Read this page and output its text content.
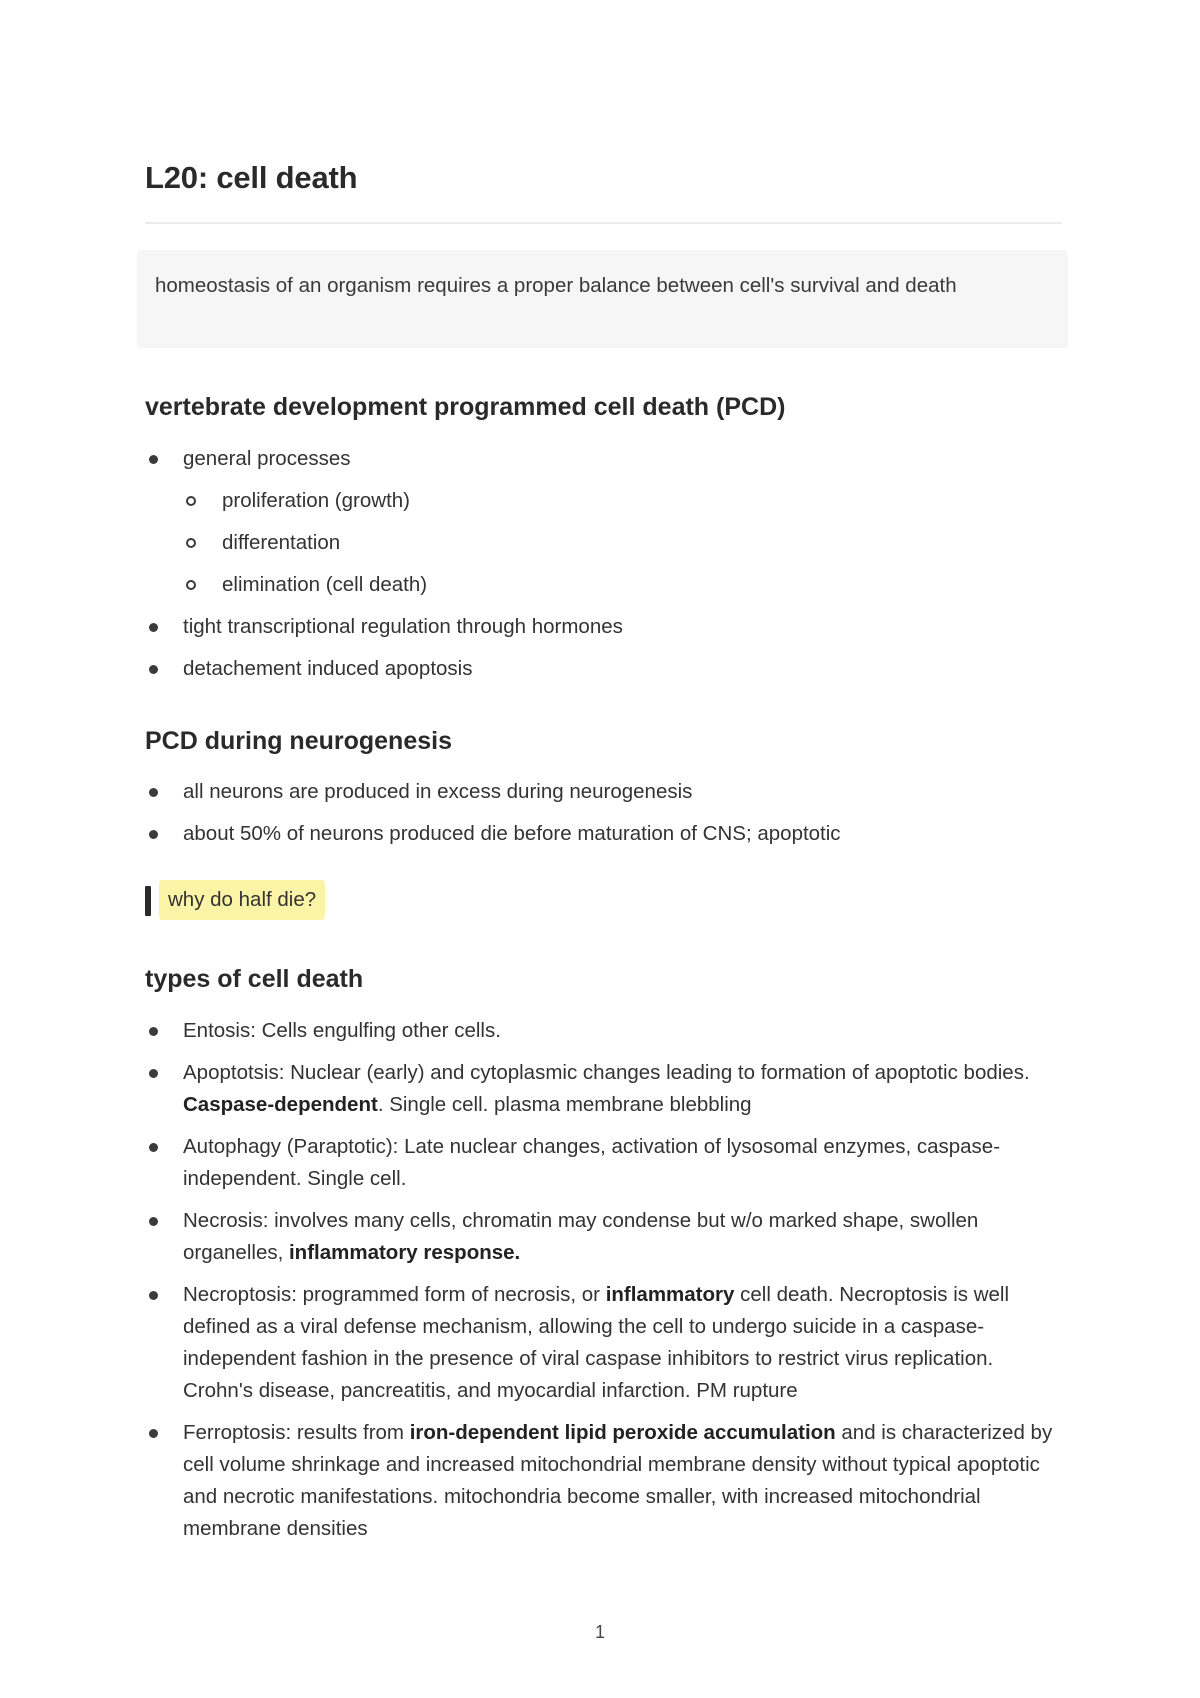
L20: cell death
homeostasis of an organism requires a proper balance between cell's survival and death
vertebrate development programmed cell death (PCD)
general processes
proliferation (growth)
differentation
elimination (cell death)
tight transcriptional regulation through hormones
detachement induced apoptosis
PCD during neurogenesis
all neurons are produced in excess during neurogenesis
about 50% of neurons produced die before maturation of CNS; apoptotic
why do half die?
types of cell death
Entosis: Cells engulfing other cells.
Apoptotsis: Nuclear (early) and cytoplasmic changes leading to formation of apoptotic bodies. Caspase-dependent. Single cell. plasma membrane blebbling
Autophagy (Paraptotic): Late nuclear changes, activation of lysosomal enzymes, caspase-independent. Single cell.
Necrosis: involves many cells, chromatin may condense but w/o marked shape, swollen organelles, inflammatory response.
Necroptosis: programmed form of necrosis, or inflammatory cell death. Necroptosis is well defined as a viral defense mechanism, allowing the cell to undergo suicide in a caspase-independent fashion in the presence of viral caspase inhibitors to restrict virus replication. Crohn's disease, pancreatitis, and myocardial infarction. PM rupture
Ferroptosis: results from iron-dependent lipid peroxide accumulation and is characterized by cell volume shrinkage and increased mitochondrial membrane density without typical apoptotic and necrotic manifestations. mitochondria become smaller, with increased mitochondrial membrane densities
1
